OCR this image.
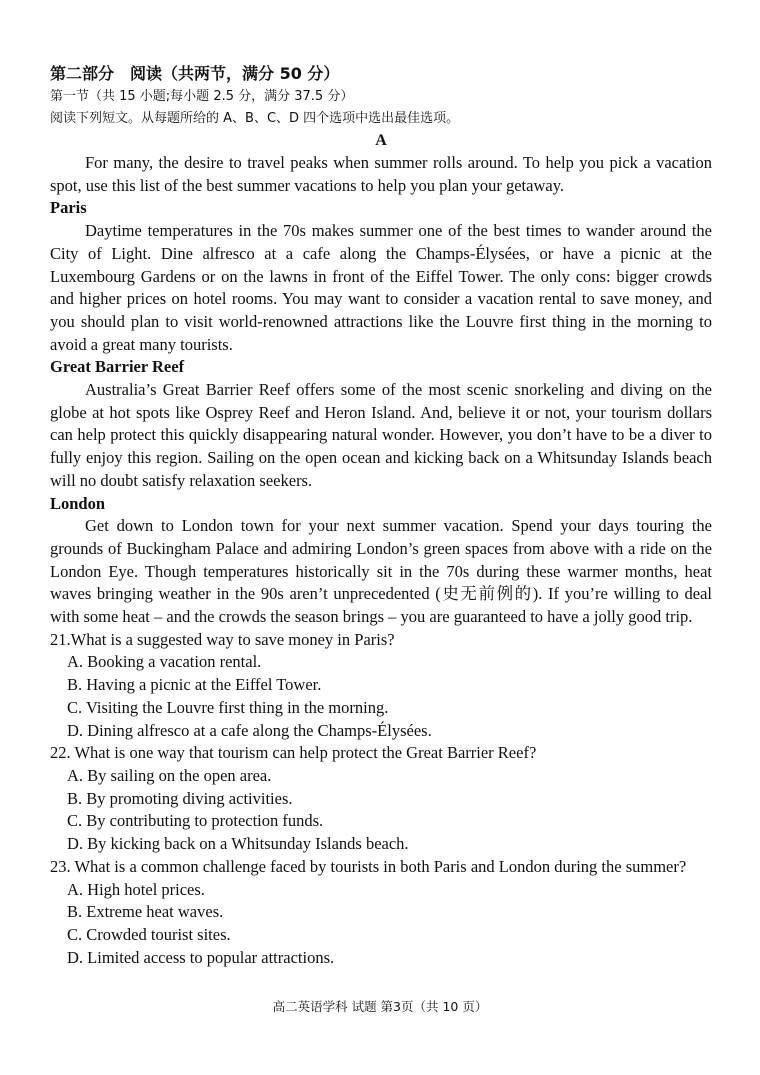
第二部分　阅读（共两节，满分 50 分）

第一节（共 15 小题;每小题 2.5 分，满分 37.5 分）

阅读下列短文。从每题所给的 A、B、C、D 四个选项中选出最佳选项。

A

For many, the desire to travel peaks when summer rolls around. To help you pick a vacation spot, use this list of the best summer vacations to help you plan your getaway.

Paris

Daytime temperatures in the 70s makes summer one of the best times to wander around the City of Light. Dine alfresco at a cafe along the Champs-Élysées, or have a picnic at the Luxembourg Gardens or on the lawns in front of the Eiffel Tower. The only cons: bigger crowds and higher prices on hotel rooms. You may want to consider a vacation rental to save money, and you should plan to visit world-renowned attractions like the Louvre first thing in the morning to avoid a great many tourists.

Great Barrier Reef

Australia’s Great Barrier Reef offers some of the most scenic snorkeling and diving on the globe at hot spots like Osprey Reef and Heron Island. And, believe it or not, your tourism dollars can help protect this quickly disappearing natural wonder. However, you don’t have to be a diver to fully enjoy this region. Sailing on the open ocean and kicking back on a Whitsunday Islands beach will no doubt satisfy relaxation seekers.

London

Get down to London town for your next summer vacation. Spend your days touring the grounds of Buckingham Palace and admiring London’s green spaces from above with a ride on the London Eye. Though temperatures historically sit in the 70s during these warmer months, heat waves bringing weather in the 90s aren’t unprecedented (史无前例的). If you’re willing to deal with some heat – and the crowds the season brings – you are guaranteed to have a jolly good trip.

21.What is a suggested way to save money in Paris?

A. Booking a vacation rental.

B. Having a picnic at the Eiffel Tower.

C. Visiting the Louvre first thing in the morning.

D. Dining alfresco at a cafe along the Champs-Élysées.

22. What is one way that tourism can help protect the Great Barrier Reef?

A. By sailing on the open area.

B. By promoting diving activities.

C. By contributing to protection funds.

D. By kicking back on a Whitsunday Islands beach.

23. What is a common challenge faced by tourists in both Paris and London during the summer?

A. High hotel prices.

B. Extreme heat waves.

C. Crowded tourist sites.

D. Limited access to popular attractions.

高二英语学科 试题 第3页（共 10 页）
